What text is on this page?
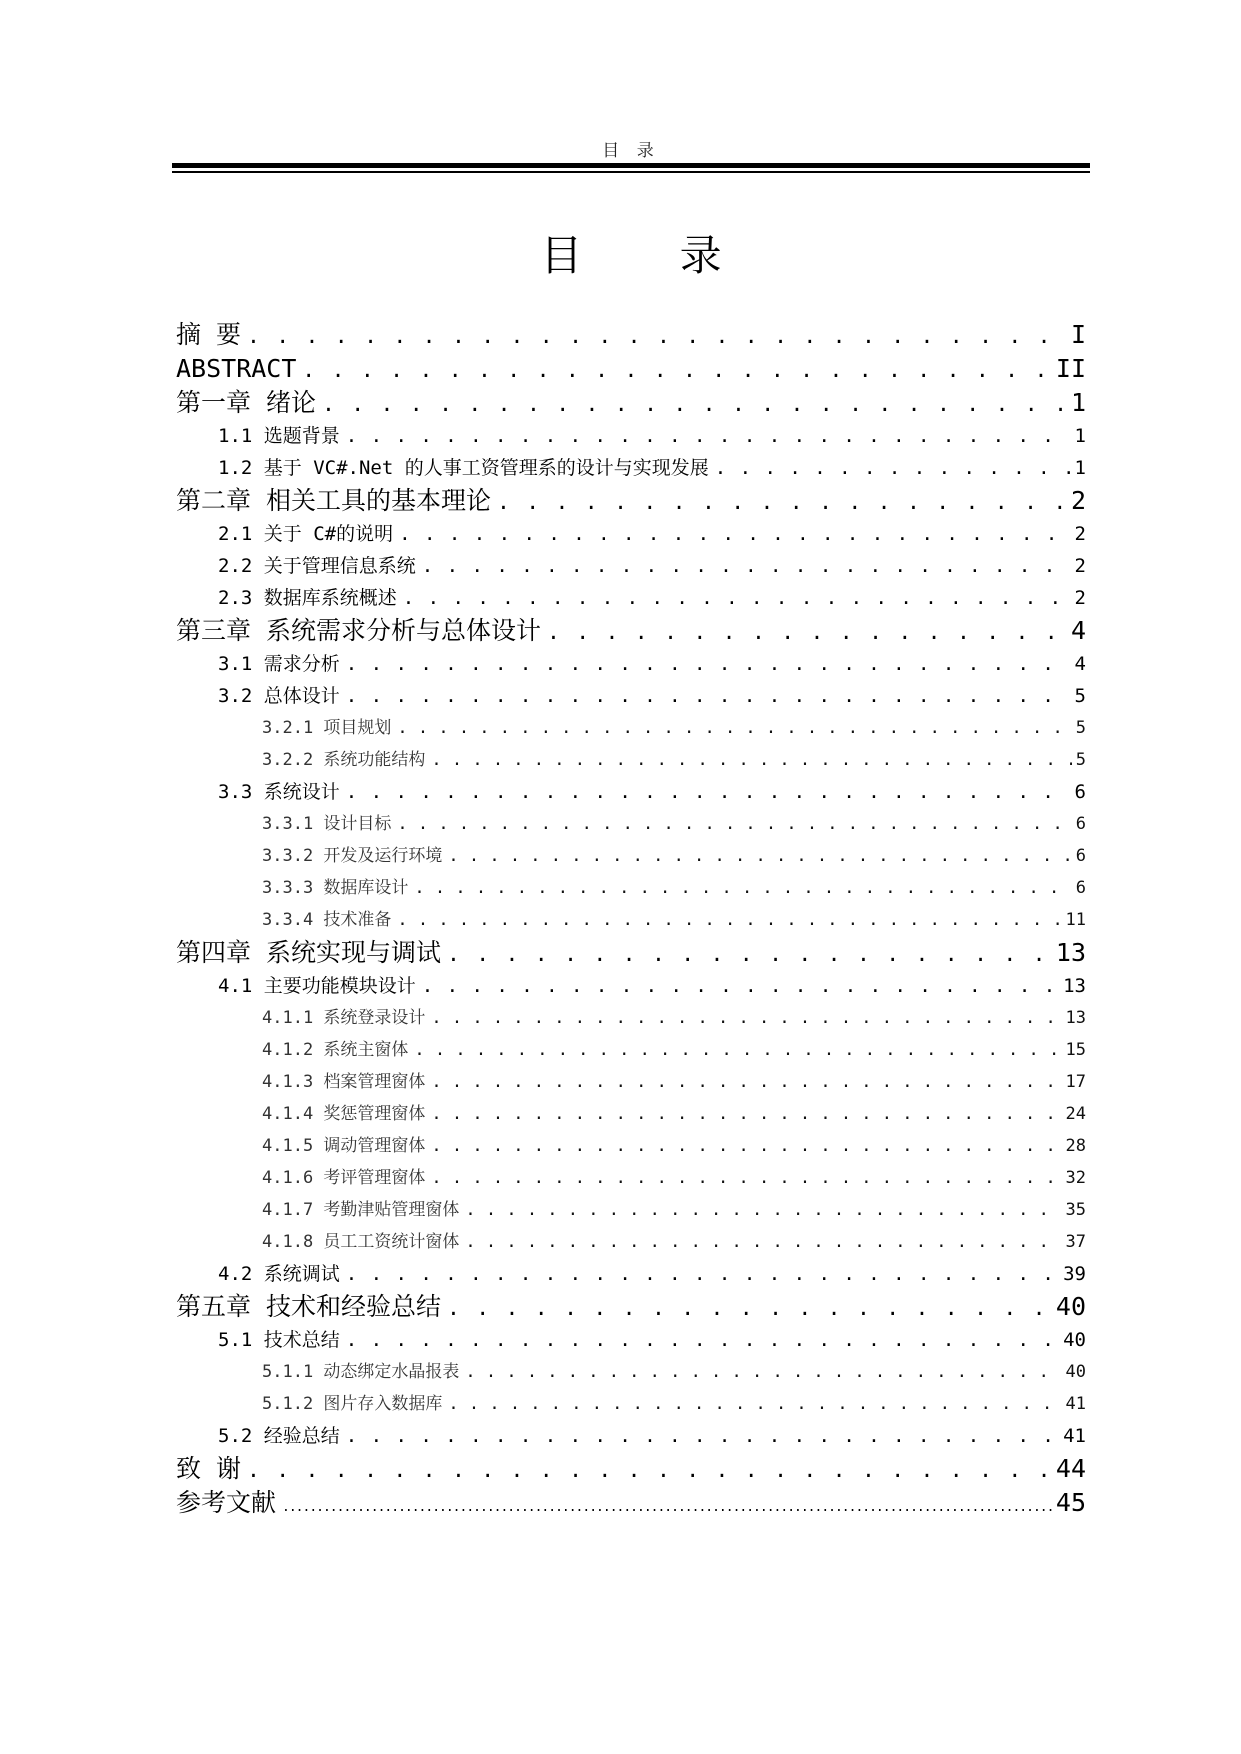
目 录
目 录
摘 要 . . .	I
ABSTRACT . . .	II
第一章 绪论 . . .	1
1.1 选题背景 . . .	1
1.2 基于 VC#.Net 的人事工资管理系的设计与实现发展 . . .	1
第二章 相关工具的基本理论 . . .	2
2.1 关于 C#的说明 . . .	2
2.2 关于管理信息系统 . . .	2
2.3 数据库系统概述 . . .	2
第三章 系统需求分析与总体设计 . . .	4
3.1 需求分析 . . .	4
3.2 总体设计 . . .	5
3.2.1 项目规划 . . .	5
3.2.2 系统功能结构 . . .	5
3.3 系统设计 . . .	6
3.3.1 设计目标 . . .	6
3.3.2 开发及运行环境 . . .	6
3.3.3 数据库设计 . . .	6
3.3.4 技术准备 . . .	11
第四章 系统实现与调试 . . .	13
4.1 主要功能模块设计 . . .	13
4.1.1 系统登录设计 . . .	13
4.1.2 系统主窗体 . . .	15
4.1.3 档案管理窗体 . . .	17
4.1.4 奖惩管理窗体 . . .	24
4.1.5 调动管理窗体 . . .	28
4.1.6 考评管理窗体 . . .	32
4.1.7 考勤津贴管理窗体 . . .	35
4.1.8 员工工资统计窗体 . . .	37
4.2 系统调试 . . .	39
第五章 技术和经验总结 . . .	40
5.1 技术总结 . . .	40
5.1.1 动态绑定水晶报表 . . .	40
5.1.2 图片存入数据库 . . .	41
5.2 经验总结 . . .	41
致 谢 . . .	44
参考文献 .....	45
